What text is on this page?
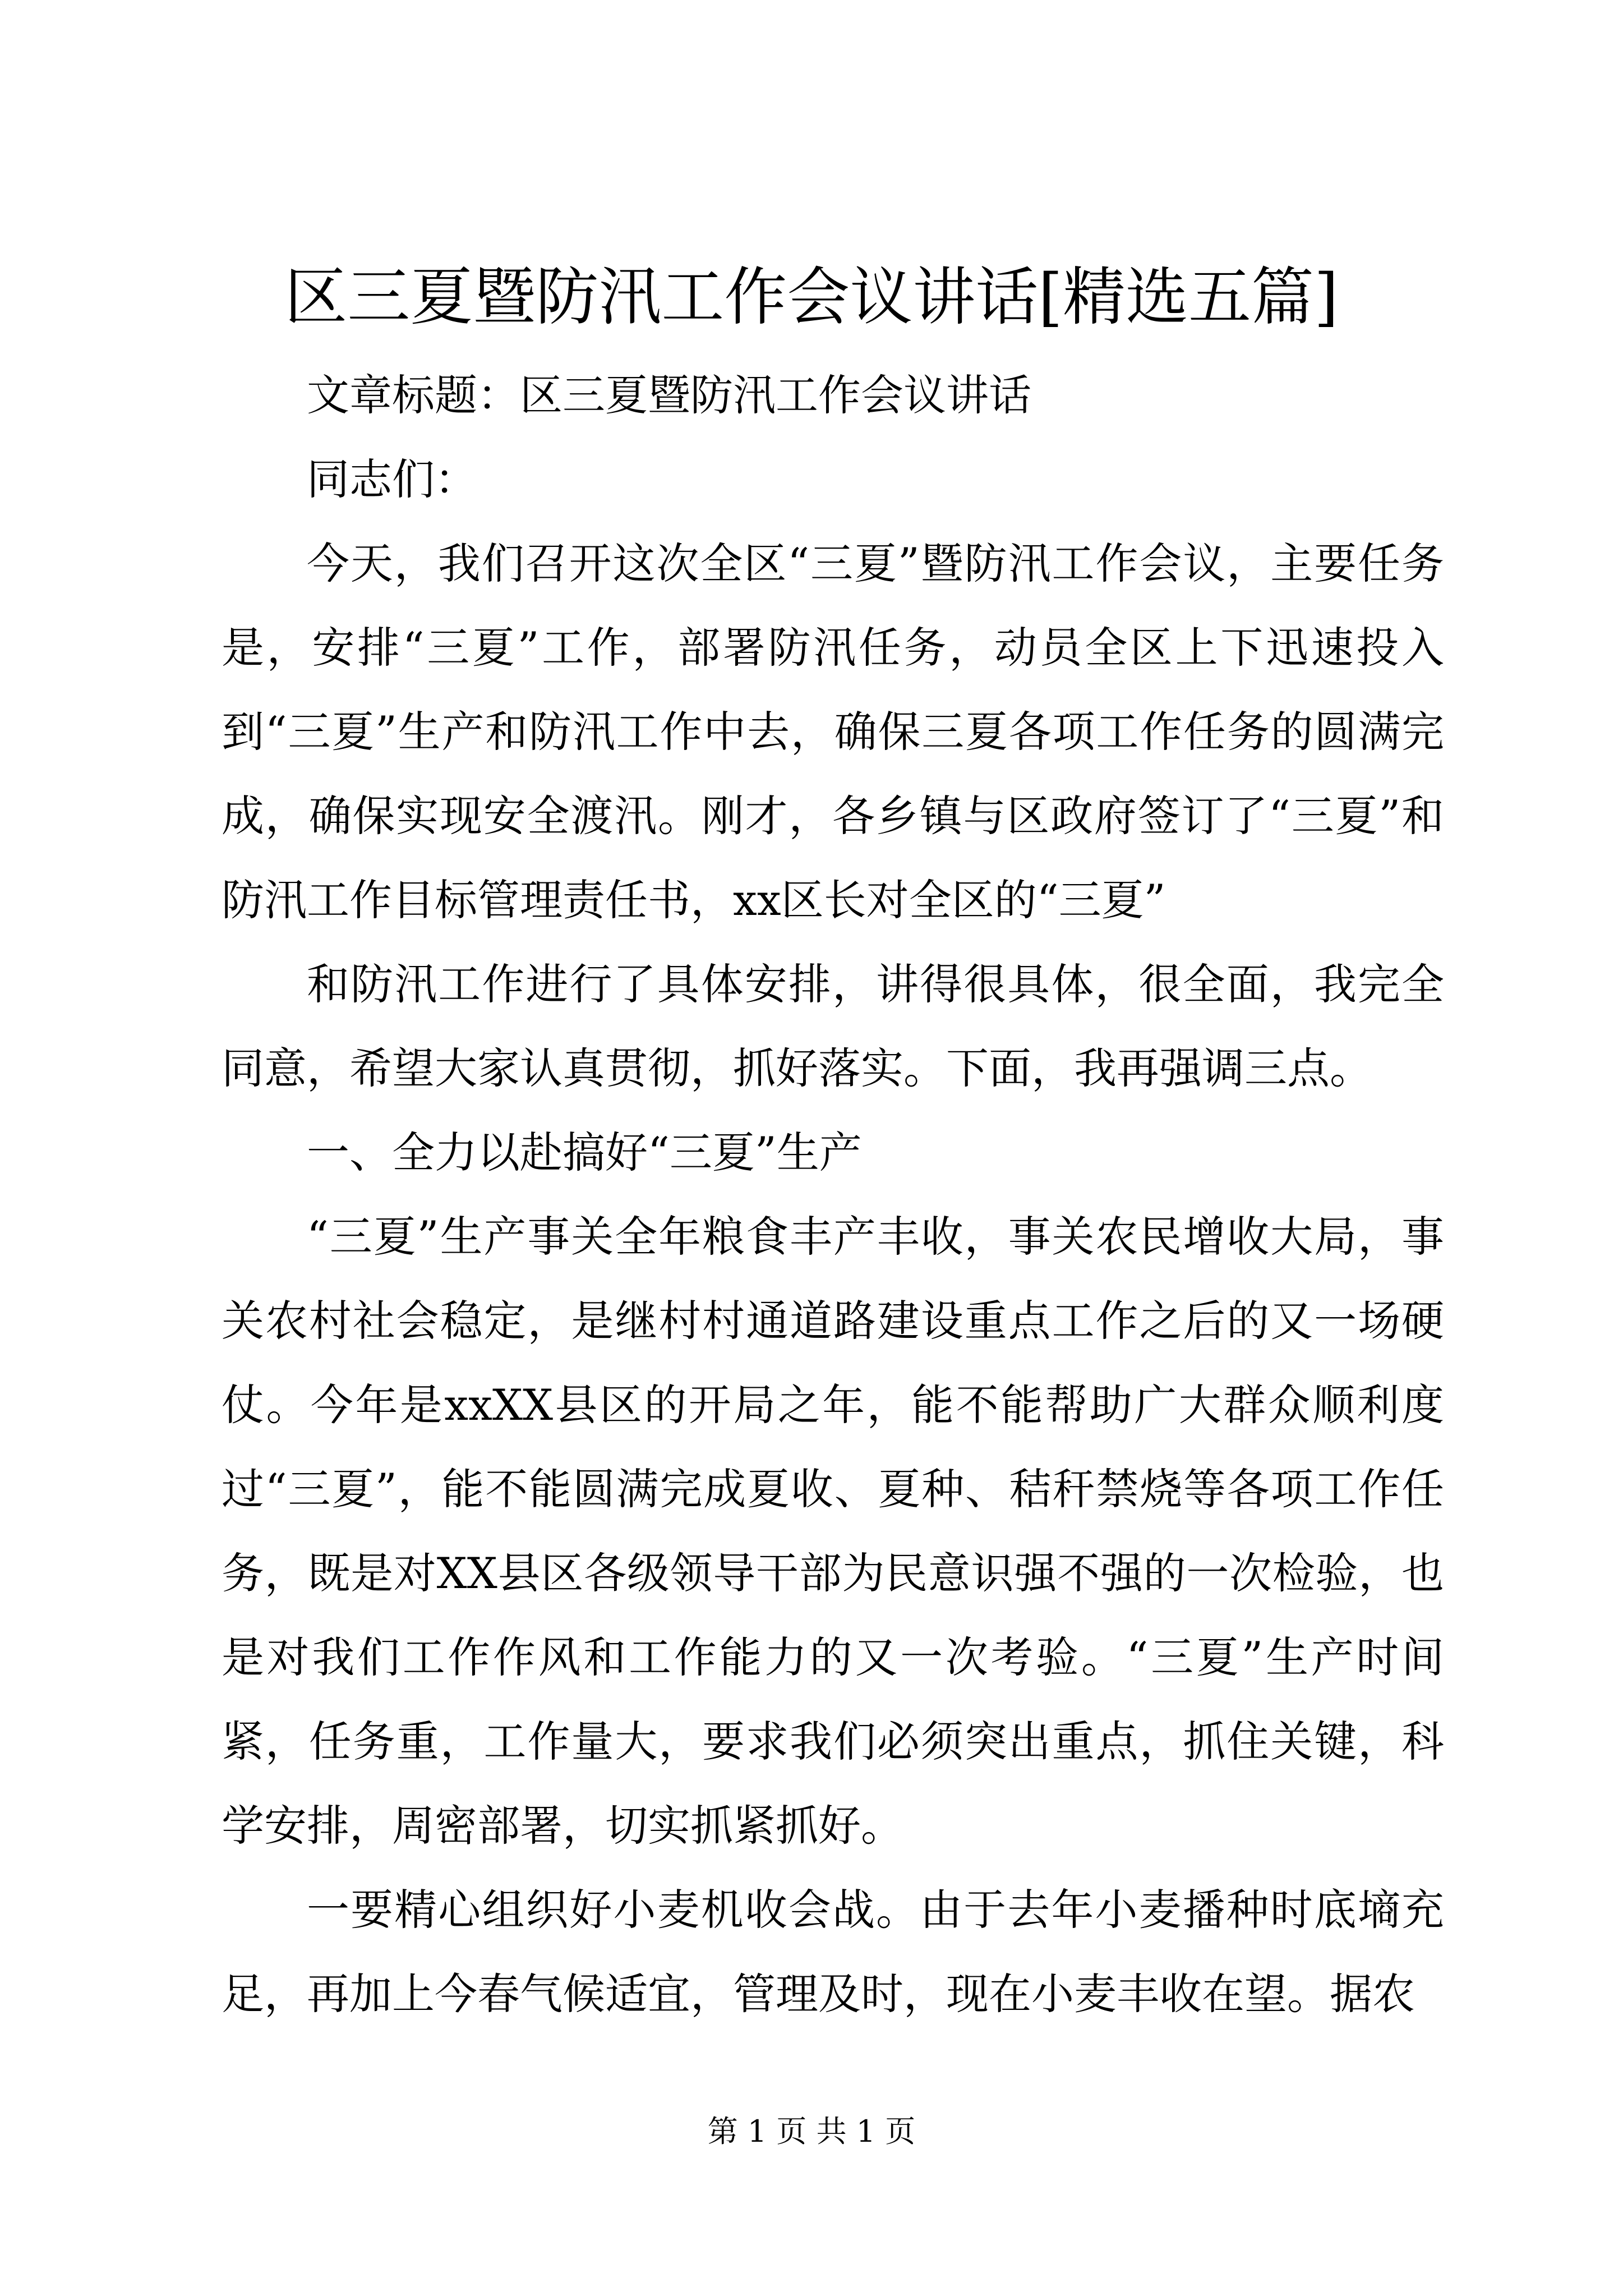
区三夏暨防汛工作会议讲话[精选五篇]

文章标题：区三夏暨防汛工作会议讲话

同志们：

今天，我们召开这次全区“三夏”暨防汛工作会议，主要任务是，安排“三夏”工作，部署防汛任务，动员全区上下迅速投入到“三夏”生产和防汛工作中去，确保三夏各项工作任务的圆满完成，确保实现安全渡汛。刚才，各乡镇与区政府签订了“三夏”和防汛工作目标管理责任书，xx区长对全区的“三夏”

和防汛工作进行了具体安排，讲得很具体，很全面，我完全同意，希望大家认真贯彻，抓好落实。下面，我再强调三点。

一、全力以赴搞好“三夏”生产

“三夏”生产事关全年粮食丰产丰收，事关农民增收大局，事关农村社会稳定，是继村村通道路建设重点工作之后的又一场硬仗。今年是xxXX县区的开局之年，能不能帮助广大群众顺利度过“三夏”，能不能圆满完成夏收、夏种、秸秆禁烧等各项工作任务，既是对XX县区各级领导干部为民意识强不强的一次检验，也是对我们工作作风和工作能力的又一次考验。“三夏”生产时间紧，任务重，工作量大，要求我们必须突出重点，抓住关键，科学安排，周密部署，切实抓紧抓好。

一要精心组织好小麦机收会战。由于去年小麦播种时底墒充足，再加上今春气候适宜，管理及时，现在小麦丰收在望。据农

第 1 页 共 1 页
